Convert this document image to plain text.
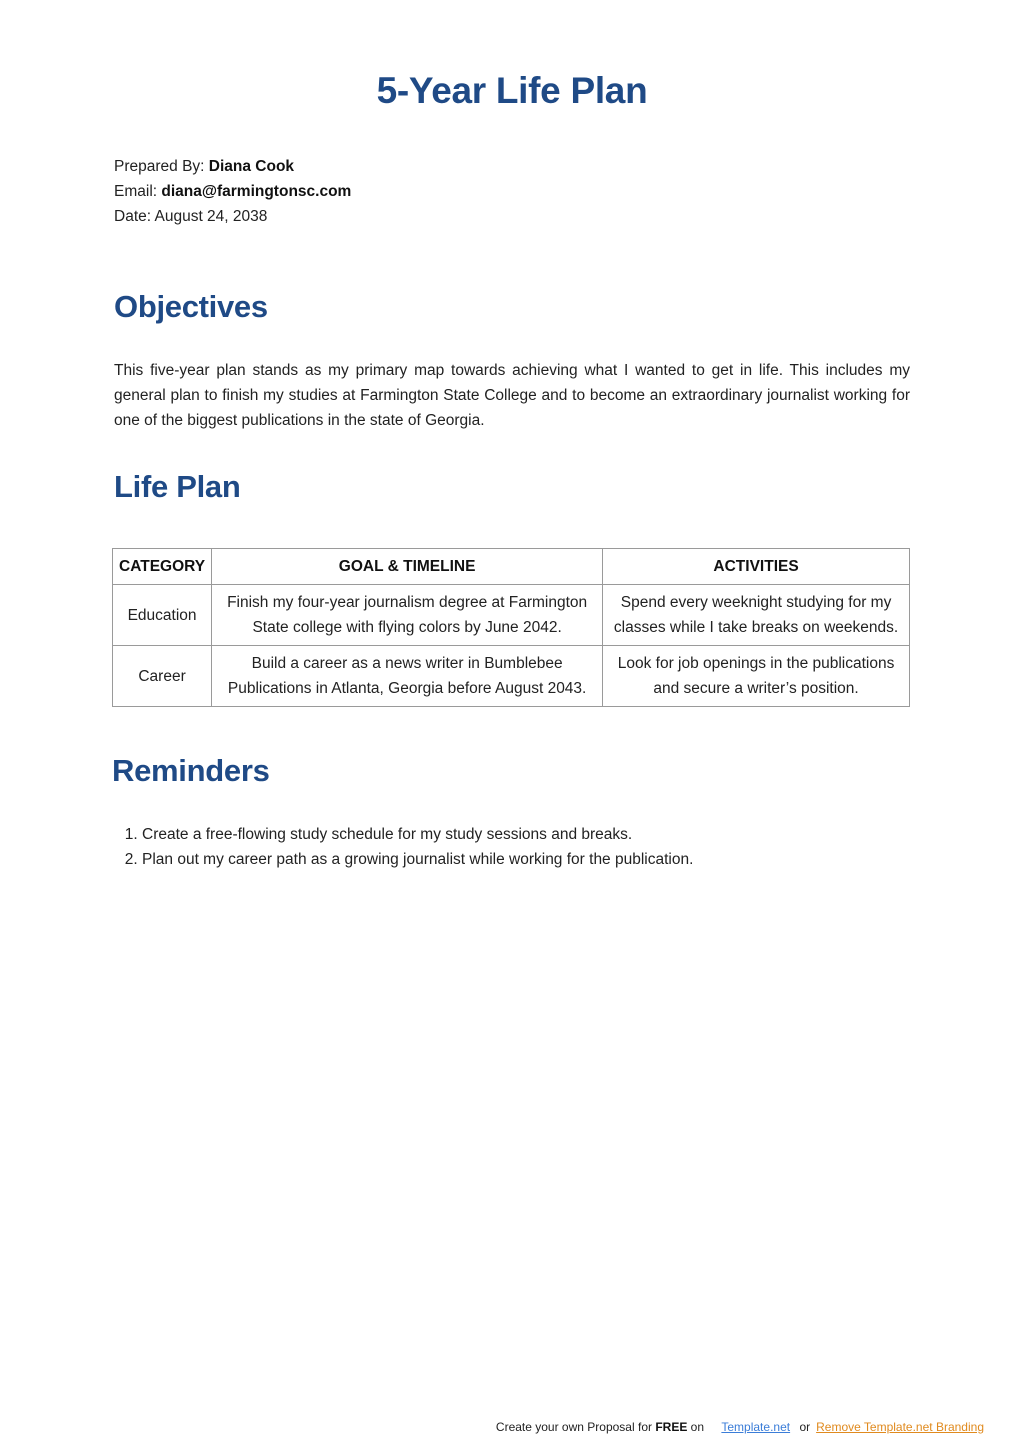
5-Year Life Plan
Prepared By: Diana Cook
Email: diana@farmingtonsc.com
Date: August 24, 2038
Objectives

This five-year plan stands as my primary map towards achieving what I wanted to get in life. This includes my general plan to finish my studies at Farmington State College and to become an extraordinary journalist working for one of the biggest publications in the state of Georgia.

Life Plan
CATEGORY	GOAL & TIMELINE	ACTIVITIES
Education	Finish my four-year journalism degree at Farmington State college with flying colors by June 2042.	Spend every weeknight studying for my classes while I take breaks on weekends.
Career	Build a career as a news writer in Bumblebee Publications in Atlanta, Georgia before August 2043.	Look for job openings in the publications and secure a writer’s position.
Reminders
1. Create a free-flowing study schedule for my study sessions and breaks.
2. Plan out my career path as a growing journalist while working for the publication.
Create your own Proposal for FREE on Template.net or Remove Template.net Branding
